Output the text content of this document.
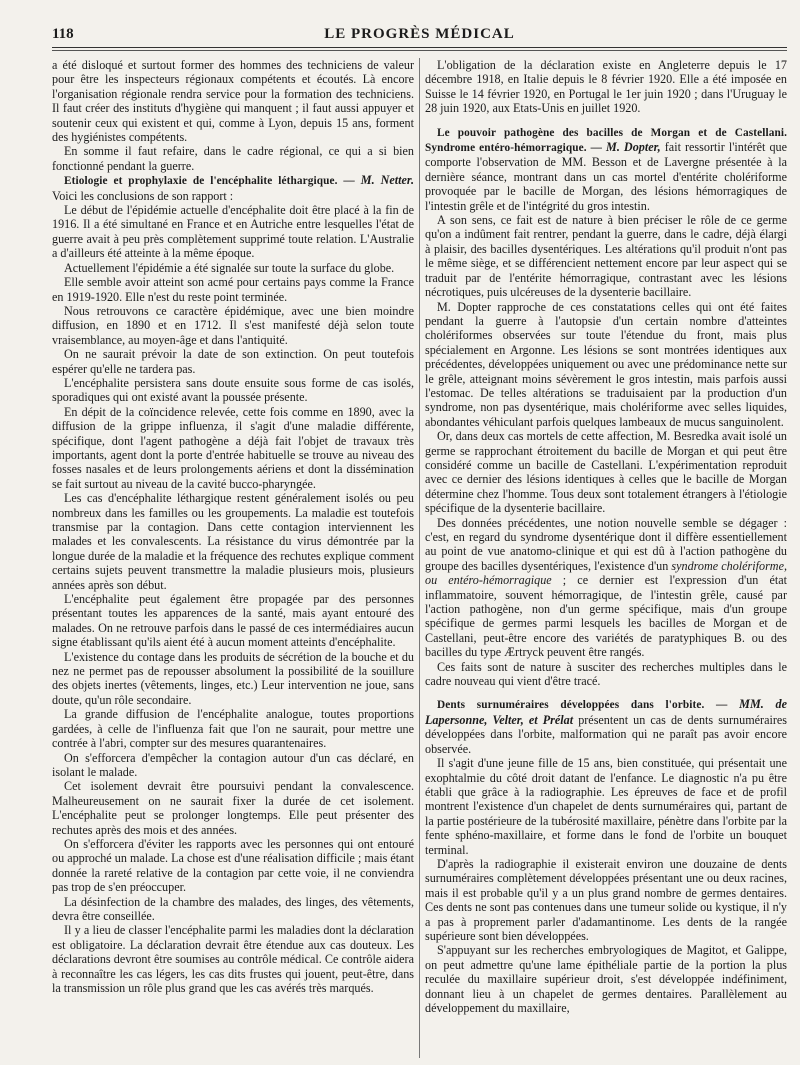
118	LE PROGRÈS MÉDICAL

a été disloqué et surtout former des hommes des techniciens de valeur pour être les inspecteurs régionaux compétents et écoutés. Là encore l'organisation régionale rendra service pour la formation des techniciens. Il faut créer des instituts d'hygiène qui manquent ; il faut aussi appuyer et soutenir ceux qui existent et qui, comme à Lyon, depuis 15 ans, forment des hygiénistes compétents.

En somme il faut refaire, dans le cadre régional, ce qui a si bien fonctionné pendant la guerre.

Etiologie et prophylaxie de l'encéphalite léthargique. — M. Netter. Voici les conclusions de son rapport :

Le début de l'épidémie actuelle d'encéphalite doit être placé à la fin de 1916. Il a été simultané en France et en Autriche entre lesquelles l'état de guerre avait à peu près complètement supprimé toute relation. L'Australie a d'ailleurs été atteinte à la même époque.

Actuellement l'épidémie a été signalée sur toute la surface du globe.

Elle semble avoir atteint son acmé pour certains pays comme la France en 1919-1920. Elle n'est du reste point terminée.

Nous retrouvons ce caractère épidémique, avec une bien moindre diffusion, en 1890 et en 1712. Il s'est manifesté déjà selon toute vraisemblance, au moyen-âge et dans l'antiquité.

On ne saurait prévoir la date de son extinction. On peut toutefois espérer qu'elle ne tardera pas.

L'encéphalite persistera sans doute ensuite sous forme de cas isolés, sporadiques qui ont existé avant la poussée présente.

En dépit de la coïncidence relevée, cette fois comme en 1890, avec la diffusion de la grippe influenza, il s'agit d'une maladie différente, spécifique, dont l'agent pathogène a déjà fait l'objet de travaux très importants, agent dont la porte d'entrée habituelle se trouve au niveau des fosses nasales et de leurs prolongements aériens et dont la dissémination se fait surtout au niveau de la cavité bucco-pharyngée.

Les cas d'encéphalite léthargique restent généralement isolés ou peu nombreux dans les familles ou les groupements. La maladie est toutefois transmise par la contagion. Dans cette contagion interviennent les malades et les convalescents. La résistance du virus démontrée par la longue durée de la maladie et la fréquence des rechutes explique comment certains sujets peuvent transmettre la maladie plusieurs mois, plusieurs années après son début.

L'encéphalite peut également être propagée par des personnes présentant toutes les apparences de la santé, mais ayant entouré des malades. On ne retrouve parfois dans le passé de ces intermédiaires aucun signe établissant qu'ils aient été à aucun moment atteints d'encéphalite.

L'existence du contage dans les produits de sécrétion de la bouche et du nez ne permet pas de repousser absolument la possibilité de la souillure des objets inertes (vêtements, linges, etc.) Leur intervention ne joue, sans doute, qu'un rôle secondaire.

La grande diffusion de l'encéphalite analogue, toutes proportions gardées, à celle de l'influenza fait que l'on ne saurait, pour mettre une contrée à l'abri, compter sur des mesures quarantenaires.

On s'efforcera d'empêcher la contagion autour d'un cas déclaré, en isolant le malade.

Cet isolement devrait être poursuivi pendant la convalescence. Malheureusement on ne saurait fixer la durée de cet isolement. L'encéphalite peut se prolonger longtemps. Elle peut présenter des rechutes après des mois et des années.

On s'efforcera d'éviter les rapports avec les personnes qui ont entouré ou approché un malade. La chose est d'une réalisation difficile ; mais étant donnée la rareté relative de la contagion par cette voie, il ne conviendra pas trop de s'en préoccuper.

La désinfection de la chambre des malades, des linges, des vêtements, devra être conseillée.

Il y a lieu de classer l'encéphalite parmi les maladies dont la déclaration est obligatoire. La déclaration devrait être étendue aux cas douteux. Les déclarations devront être soumises au contrôle médical. Ce contrôle aidera à reconnaître les cas légers, les cas dits frustes qui jouent, peut-être, dans la transmission un rôle plus grand que les cas avérés très marqués.

L'obligation de la déclaration existe en Angleterre depuis le 17 décembre 1918, en Italie depuis le 8 février 1920. Elle a été imposée en Suisse le 14 février 1920, en Portugal le 1er juin 1920 ; dans l'Uruguay le 28 juin 1920, aux Etats-Unis en juillet 1920.

Le pouvoir pathogène des bacilles de Morgan et de Castellani. Syndrome entéro-hémorragique. — M. Dopter, fait ressortir l'intérêt que comporte l'observation de MM. Besson et de Lavergne présentée à la dernière séance, montrant dans un cas mortel d'entérite cholériforme provoquée par le bacille de Morgan, des lésions hémorragiques de l'intestin grêle et de l'intégrité du gros intestin.

A son sens, ce fait est de nature à bien préciser le rôle de ce germe qu'on a indûment fait rentrer, pendant la guerre, dans le cadre, déjà élargi à plaisir, des bacilles dysentériques. Les altérations qu'il produit n'ont pas le même siège, et se différencient nettement encore par leur aspect qui se traduit par de l'entérite hémorragique, contrastant avec les lésions nécrotiques, puis ulcéreuses de la dysenterie bacillaire.

M. Dopter rapproche de ces constatations celles qui ont été faites pendant la guerre à l'autopsie d'un certain nombre d'atteintes cholériformes observées sur toute l'étendue du front, mais plus spécialement en Argonne. Les lésions se sont montrées identiques aux précédentes, développées uniquement ou avec une prédominance nette sur le grêle, atteignant moins sévèrement le gros intestin, mais parfois aussi l'estomac. De telles altérations se traduisaient par la production d'un syndrome, non pas dysentérique, mais cholériforme avec selles liquides, abondantes véhiculant parfois quelques lambeaux de mucus sanguinolent.

Or, dans deux cas mortels de cette affection, M. Besredka avait isolé un germe se rapprochant étroitement du bacille de Morgan et qui peut être considéré comme un bacille de Castellani. L'expérimentation reproduit avec ce dernier des lésions identiques à celles que le bacille de Morgan détermine chez l'homme. Tous deux sont totalement étrangers à l'étiologie spécifique de la dysenterie bacillaire.

Des données précédentes, une notion nouvelle semble se dégager : c'est, en regard du syndrome dysentérique dont il diffère essentiellement au point de vue anatomo-clinique et qui est dû à l'action pathogène du groupe des bacilles dysentériques, l'existence d'un syndrome cholériforme, ou entéro-hémorragique ; ce dernier est l'expression d'un état inflammatoire, souvent hémorragique, de l'intestin grêle, causé par l'action pathogène, non d'un germe spécifique, mais d'un groupe spécifique de germes parmi lesquels les bacilles de Morgan et de Castellani, peut-être encore des variétés de paratyphiques B. ou des bacilles du type Ærtryck peuvent être rangés.

Ces faits sont de nature à susciter des recherches multiples dans le cadre nouveau qui vient d'être tracé.

Dents surnuméraires développées dans l'orbite. — MM. de Lapersonne, Velter, et Prélat présentent un cas de dents surnuméraires développées dans l'orbite, malformation qui ne paraît pas avoir encore observée.

Il s'agit d'une jeune fille de 15 ans, bien constituée, qui présentait une exophtalmie du côté droit datant de l'enfance. Le diagnostic n'a pu être établi que grâce à la radiographie. Les épreuves de face et de profil montrent l'existence d'un chapelet de dents surnuméraires qui, partant de la partie postérieure de la tubérosité maxillaire, pénètre dans l'orbite par la fente sphéno-maxillaire, et forme dans le fond de l'orbite un bouquet terminal.

D'après la radiographie il existerait environ une douzaine de dents surnuméraires complètement développées présentant une ou deux racines, mais il est probable qu'il y a un plus grand nombre de germes dentaires. Ces dents ne sont pas contenues dans une tumeur solide ou kystique, il n'y a pas à proprement parler d'adamantinome. Les dents de la rangée supérieure sont bien développées.

S'appuyant sur les recherches embryologiques de Magitot, et Galippe, on peut admettre qu'une lame épithéliale partie de la portion la plus reculée du maxillaire supérieur droit, s'est développée indéfiniment, donnant lieu à un chapelet de germes dentaires. Parallèlement au développement du maxillaire,
